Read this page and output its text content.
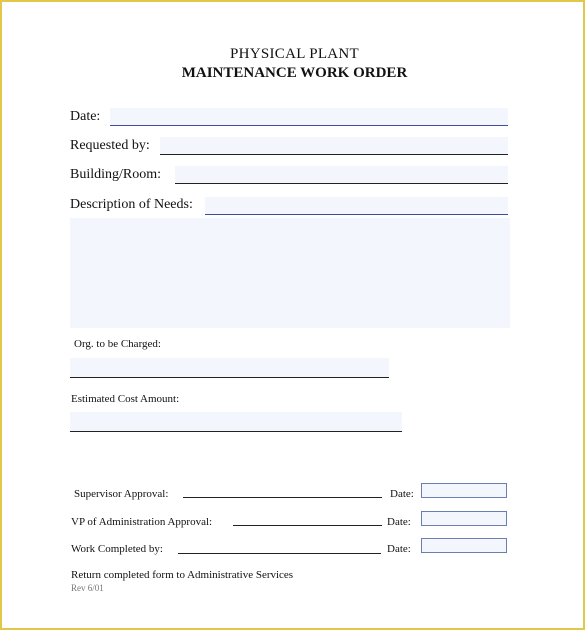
PHYSICAL PLANT
MAINTENANCE WORK ORDER
Date:
Requested by:
Building/Room:
Description of Needs:
Org. to be Charged:
Estimated Cost Amount:
Supervisor Approval:	Date:
VP of Administration Approval:	Date:
Work Completed by:	Date:
Return completed form to Administrative Services
Rev 6/01
